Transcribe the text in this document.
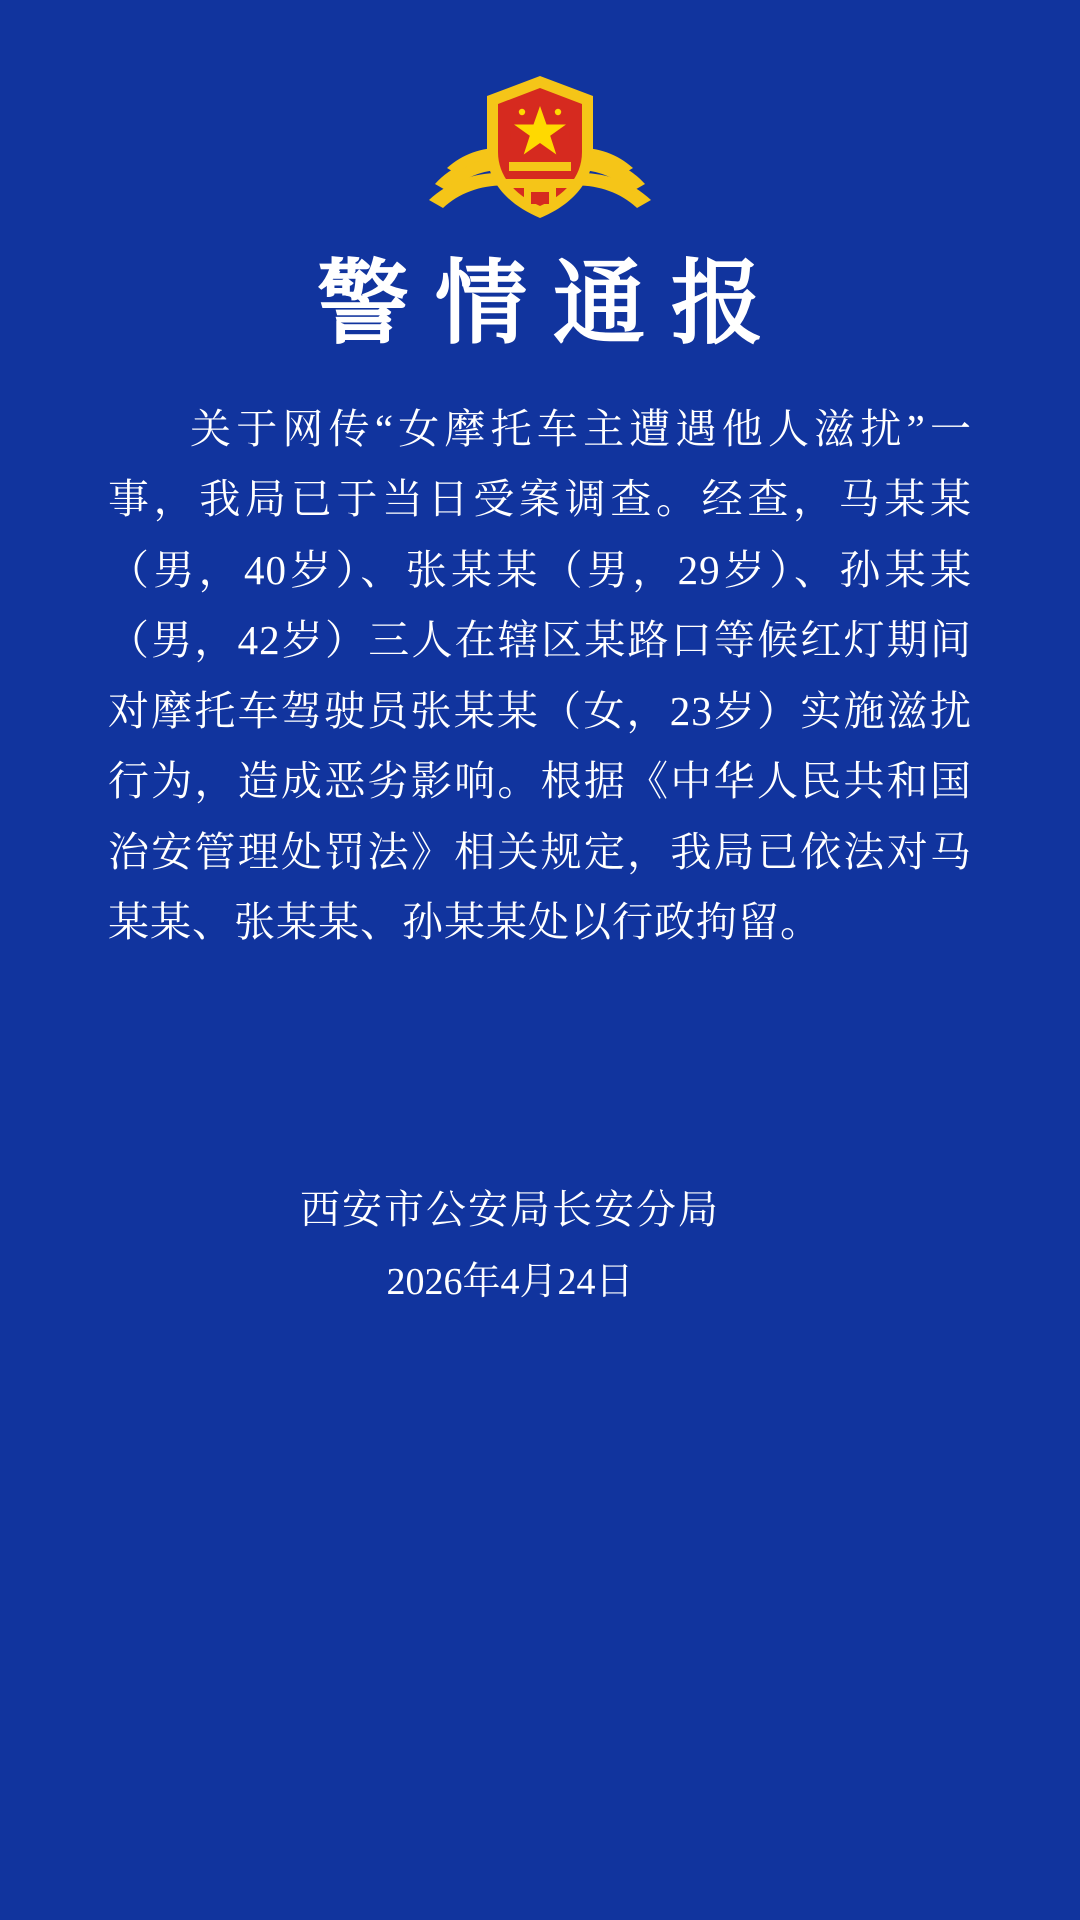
警情通报
关于网传“女摩托车主遭遇他人滋扰”一事，我局已于当日受案调查。经查，马某某（男，40岁）、张某某（男，29岁）、孙某某（男，42岁）三人在辖区某路口等候红灯期间对摩托车驾驶员张某某（女，23岁）实施滋扰行为，造成恶劣影响。根据《中华人民共和国治安管理处罚法》相关规定，我局已依法对马某某、张某某、孙某某处以行政拘留。
西安市公安局长安分局
2026年4月24日
